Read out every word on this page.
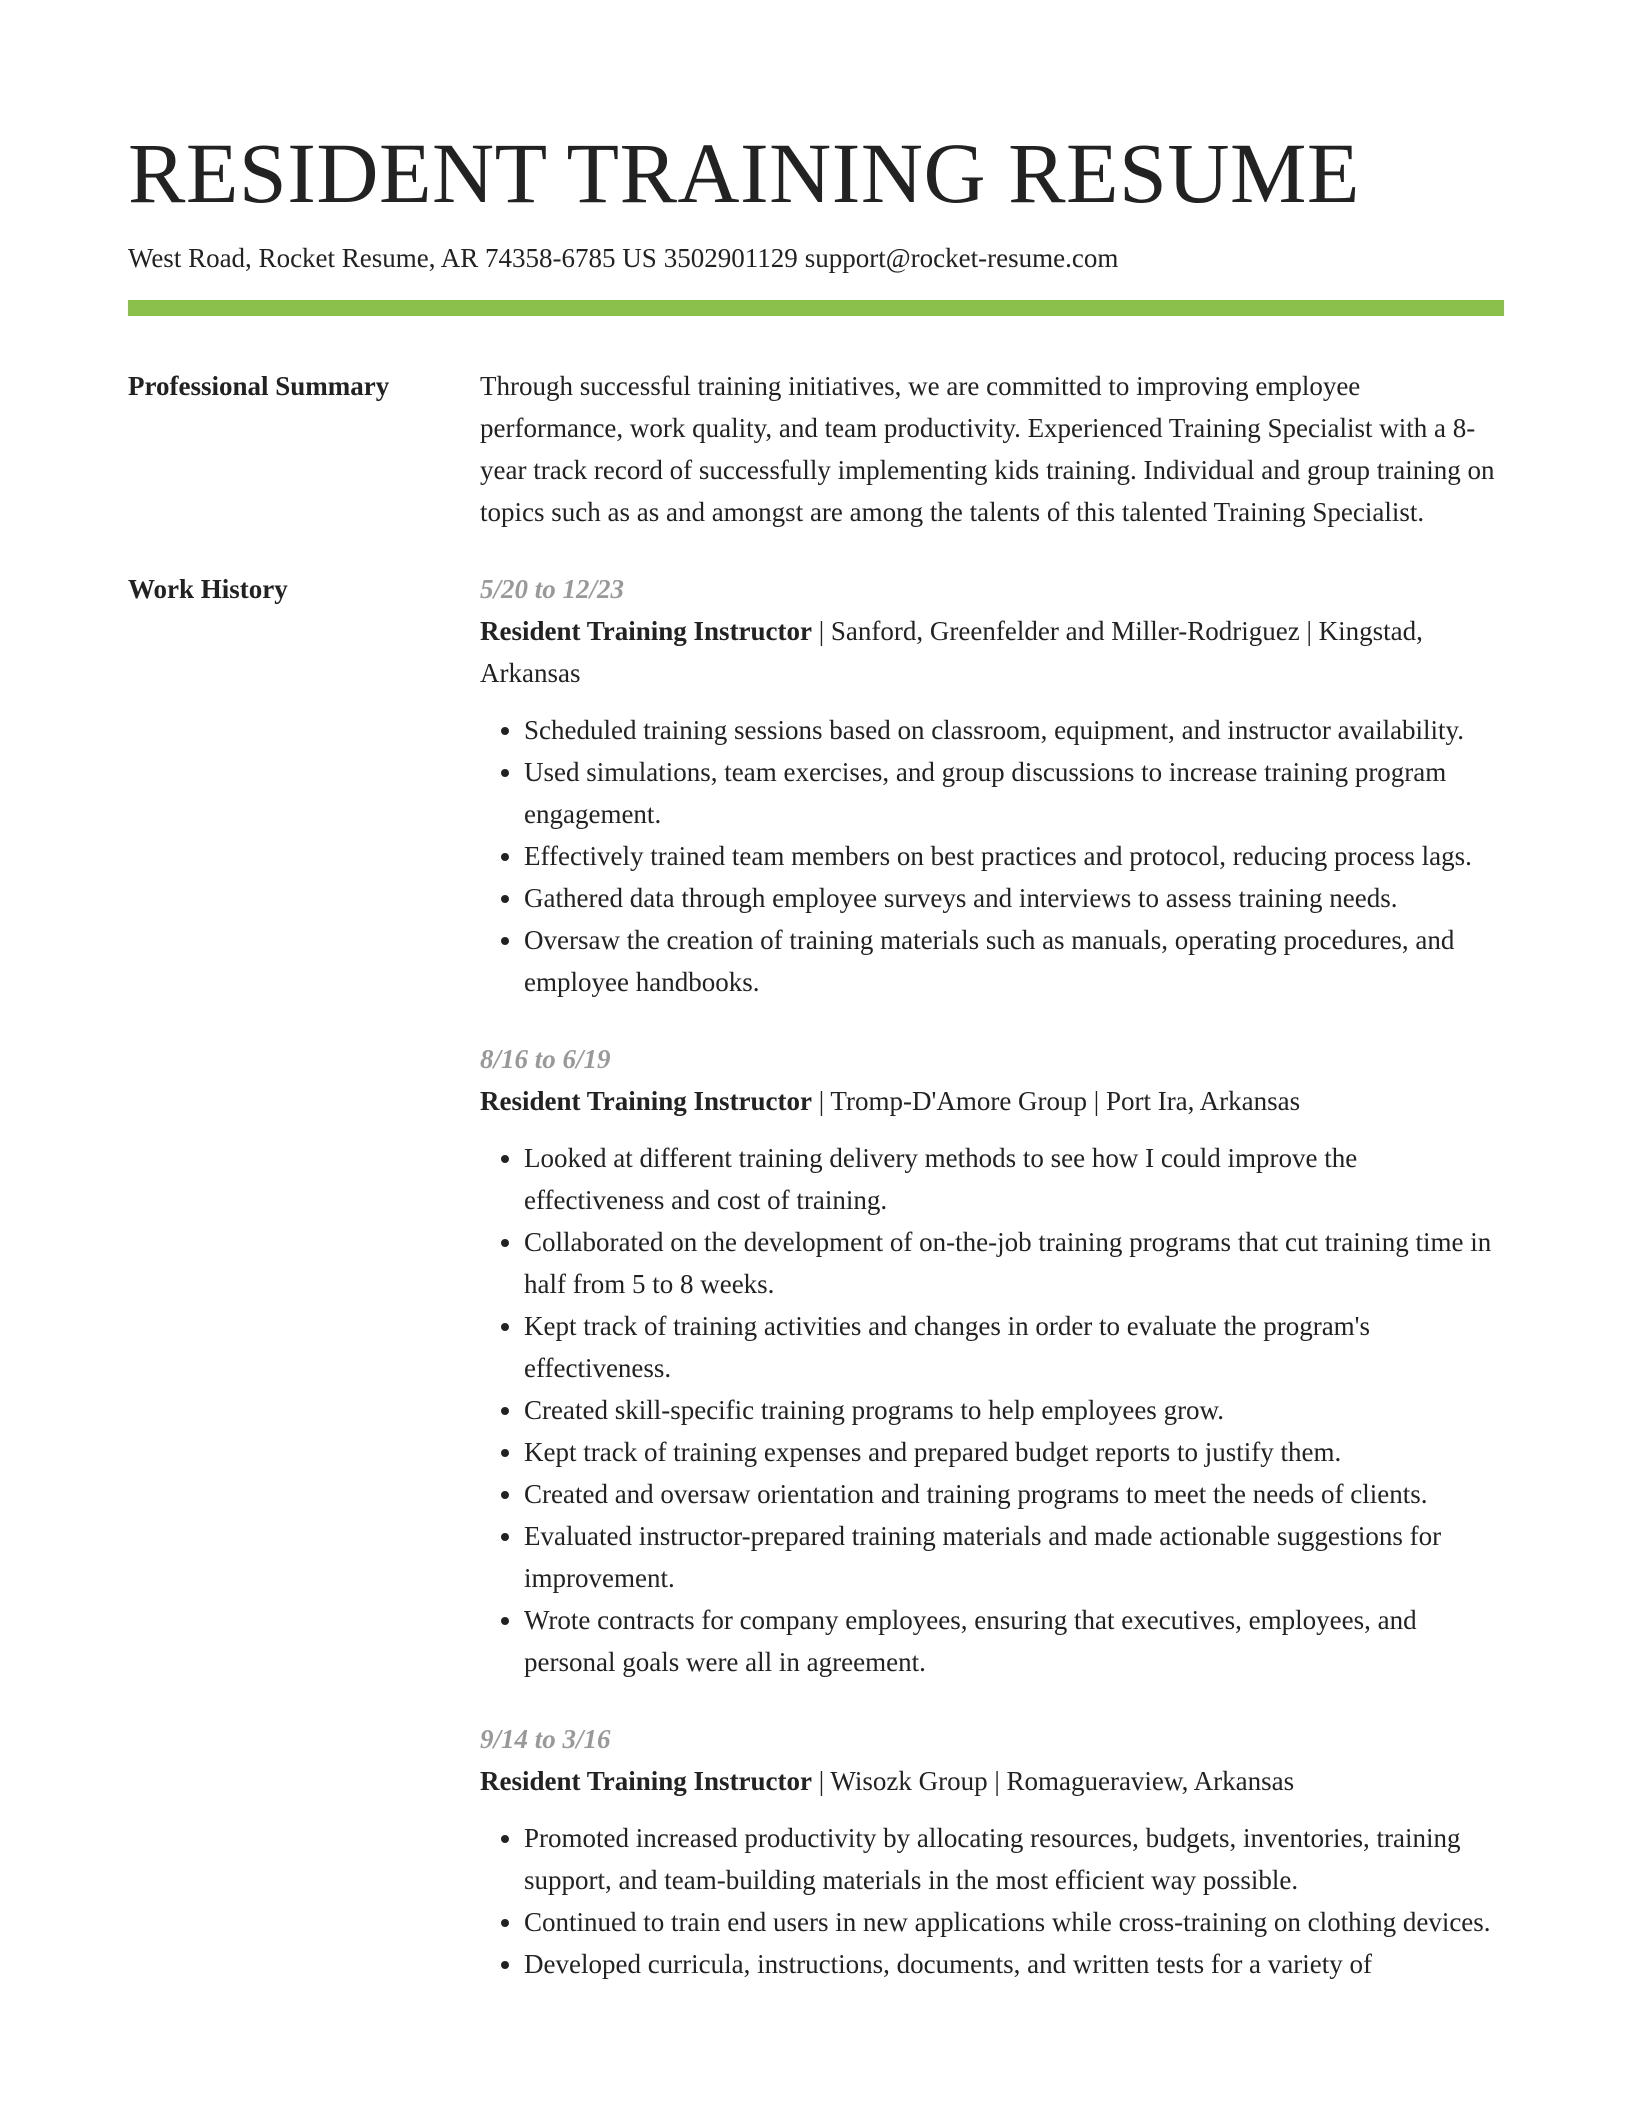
RESIDENT TRAINING RESUME
West Road, Rocket Resume, AR 74358-6785 US 3502901129 support@rocket-resume.com
Professional Summary	Through successful training initiatives, we are committed to improving employee performance, work quality, and team productivity. Experienced Training Specialist with a 8-year track record of successfully implementing kids training. Individual and group training on topics such as as and amongst are among the talents of this talented Training Specialist.

Work History	5/20 to 12/23
Resident Training Instructor | Sanford, Greenfelder and Miller-Rodriguez | Kingstad, Arkansas
• Scheduled training sessions based on classroom, equipment, and instructor availability.
• Used simulations, team exercises, and group discussions to increase training program engagement.
• Effectively trained team members on best practices and protocol, reducing process lags.
• Gathered data through employee surveys and interviews to assess training needs.
• Oversaw the creation of training materials such as manuals, operating procedures, and employee handbooks.
8/16 to 6/19
Resident Training Instructor | Tromp-D'Amore Group | Port Ira, Arkansas
• Looked at different training delivery methods to see how I could improve the effectiveness and cost of training.
• Collaborated on the development of on-the-job training programs that cut training time in half from 5 to 8 weeks.
• Kept track of training activities and changes in order to evaluate the program's effectiveness.
• Created skill-specific training programs to help employees grow.
• Kept track of training expenses and prepared budget reports to justify them.
• Created and oversaw orientation and training programs to meet the needs of clients.
• Evaluated instructor-prepared training materials and made actionable suggestions for improvement.
• Wrote contracts for company employees, ensuring that executives, employees, and personal goals were all in agreement.
9/14 to 3/16
Resident Training Instructor | Wisozk Group | Romagueraview, Arkansas
• Promoted increased productivity by allocating resources, budgets, inventories, training support, and team-building materials in the most efficient way possible.
• Continued to train end users in new applications while cross-training on clothing devices.
• Developed curricula, instructions, documents, and written tests for a variety of
